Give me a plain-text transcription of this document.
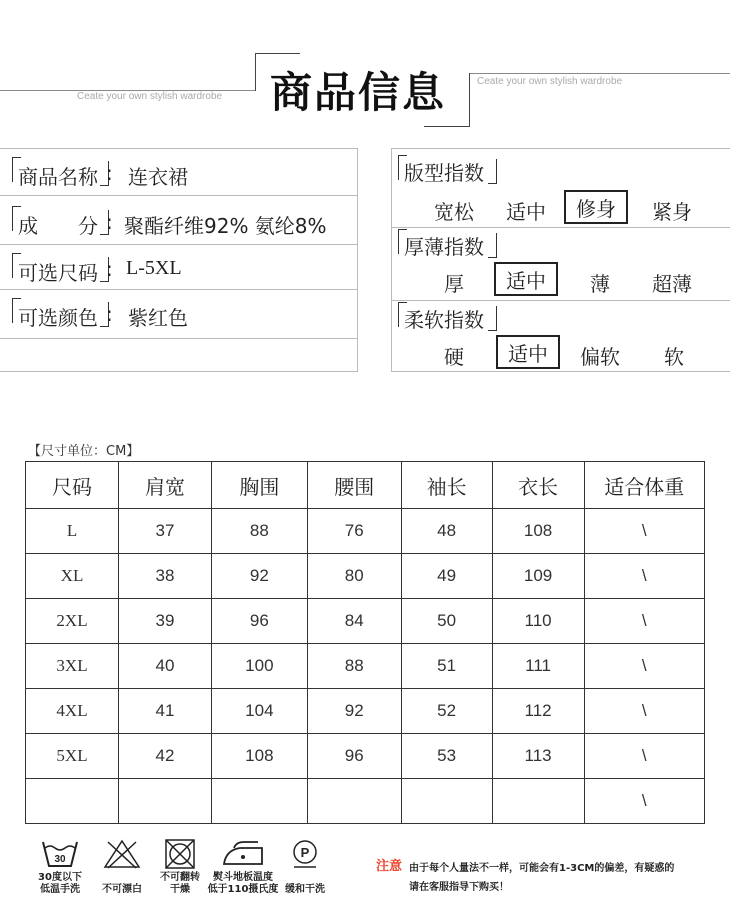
商品信息
Ceate your own stylish wardrobe
Ceate your own stylish wardrobe
商品名称 : 连衣裙
成　　分 : 聚酯纤维92% 氨纶8%
可选尺码 : L-5XL
可选颜色 : 紫红色
版型指数
宽松	适中	修身	紧身
厚薄指数
厚	适中	薄	超薄
柔软指数
硬	适中	偏软	软
【尺寸单位：CM】
尺码	肩宽	胸围	腰围	袖长	衣长	适合体重
L	37	88	76	48	108	\
XL	38	92	80	49	109	\
2XL	39	96	84	50	110	\
3XL	40	100	88	51	111	\
4XL	41	104	92	52	112	\
5XL	42	108	96	53	113	\
						\
30
30度以下
低温手洗	不可漂白
不可翻转
干燥
熨斗地板温度
低于110摄氏度
P
缓和干洗
注意 由于每个人量法不一样，可能会有1-3CM的偏差，有疑惑的
请在客服指导下购买！
